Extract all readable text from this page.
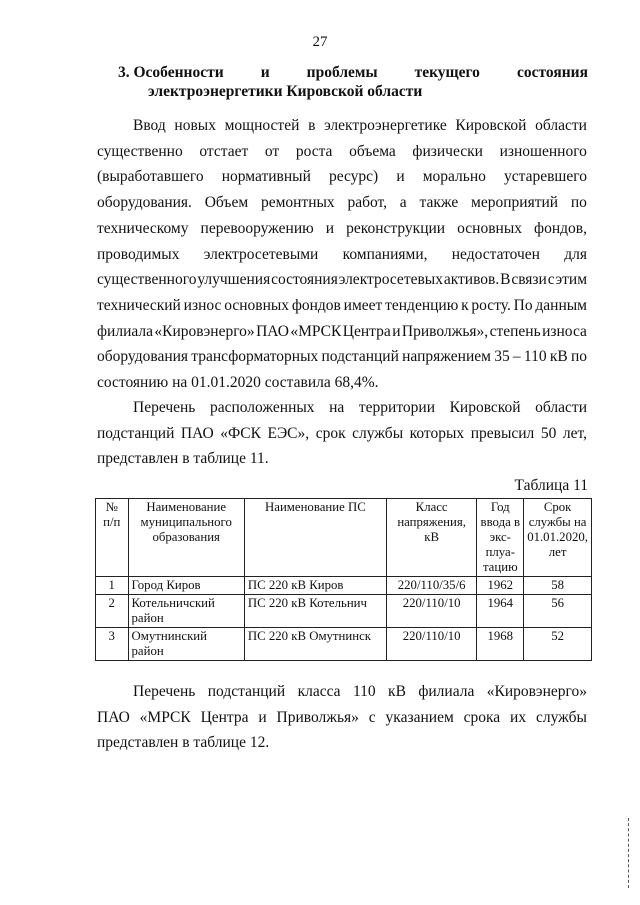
27
3. Особенности и проблемы текущего состояния
электроэнергетики Кировской области
Ввод новых мощностей в электроэнергетике Кировской области
существенно отстает от роста объема физически изношенного
(выработавшего нормативный ресурс) и морально устаревшего
оборудования. Объем ремонтных работ, а также мероприятий по
техническому перевооружению и реконструкции основных фондов,
проводимых электросетевыми компаниями, недостаточен для
существенного улучшения состояния электросетевых активов. В связи с этим
технический износ основных фондов имеет тенденцию к росту. По данным
филиала «Кировэнерго» ПАО «МРСК Центра и Приволжья», степень износа
оборудования трансформаторных подстанций напряжением 35 – 110 кВ по
состоянию на 01.01.2020 составила 68,4%.
Перечень расположенных на территории Кировской области
подстанций ПАО «ФСК ЕЭС», срок службы которых превысил 50 лет,
представлен в таблице 11.
Таблица 11
№ п/п	Наименование муниципального образования	Наименование ПС	Класс напряжения, кВ	Год ввода в экс-плуа-тацию	Срок службы на 01.01.2020, лет
1	Город Киров	ПС 220 кВ Киров	220/110/35/6	1962	58
2	Котельничский район	ПС 220 кВ Котельнич	220/110/10	1964	56
3	Омутнинский район	ПС 220 кВ Омутнинск	220/110/10	1968	52
Перечень подстанций класса 110 кВ филиала «Кировэнерго»
ПАО «МРСК Центра и Приволжья» с указанием срока их службы
представлен в таблице 12.
